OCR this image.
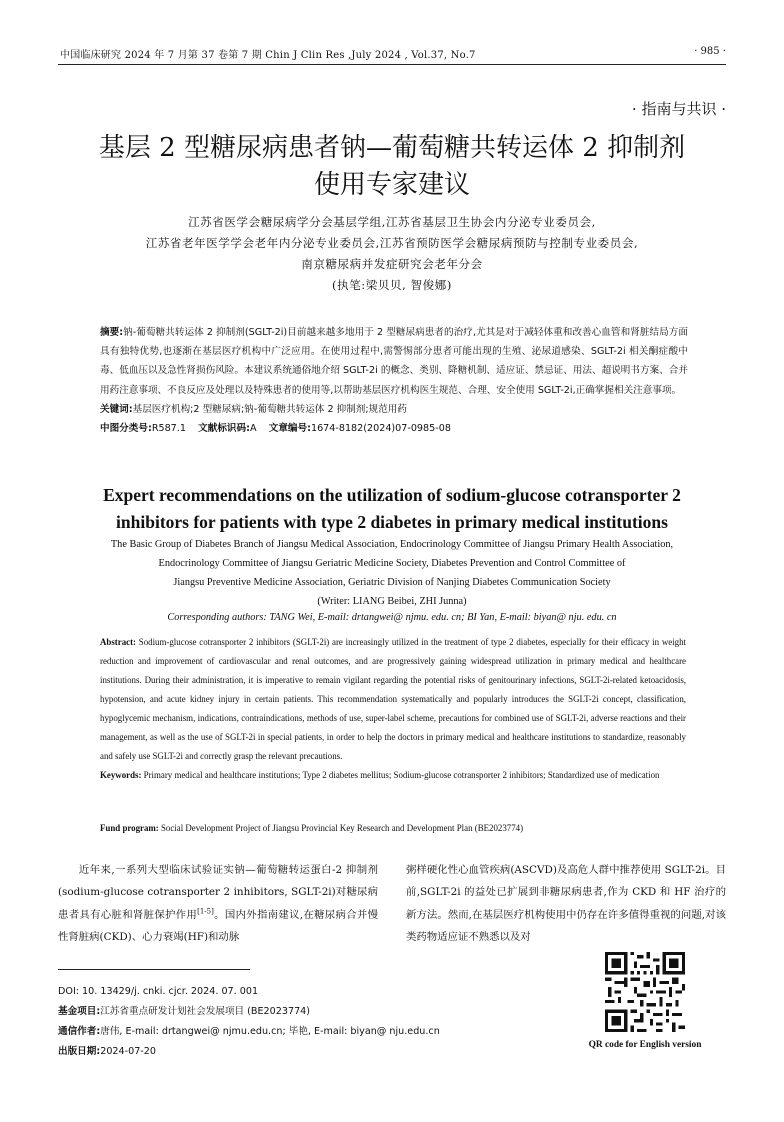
中国临床研究 2024 年 7 月第 37 卷第 7 期 Chin J Clin Res ,July 2024 , Vol.37, No.7	· 985 ·
· 指南与共识 ·
基层 2 型糖尿病患者钠—葡萄糖共转运体 2 抑制剂
使用专家建议
江苏省医学会糖尿病学分会基层学组,江苏省基层卫生协会内分泌专业委员会,
江苏省老年医学学会老年内分泌专业委员会,江苏省预防医学会糖尿病预防与控制专业委员会,
南京糖尿病并发症研究会老年分会
(执笔:梁贝贝, 智俊娜)
摘要:钠-葡萄糖共转运体 2 抑制剂(SGLT-2i)目前越来越多地用于 2 型糖尿病患者的治疗,尤其是对于减轻体重和改善心血管和肾脏结局方面具有独特优势,也逐渐在基层医疗机构中广泛应用。在使用过程中,需警惕部分患者可能出现的生殖、泌尿道感染、SGLT-2i 相关酮症酸中毒、低血压以及急性肾损伤风险。本建议系统通俗地介绍 SGLT-2i 的概念、类别、降糖机制、适应证、禁忌证、用法、超说明书方案、合并用药注意事项、不良反应及处理以及特殊患者的使用等,以帮助基层医疗机构医生规范、合理、安全使用 SGLT-2i,正确掌握相关注意事项。
关键词:基层医疗机构;2 型糖尿病;钠-葡萄糖共转运体 2 抑制剂;规范用药
中图分类号:R587.1 文献标识码:A 文章编号:1674-8182(2024)07-0985-08
Expert recommendations on the utilization of sodium-glucose cotransporter 2
inhibitors for patients with type 2 diabetes in primary medical institutions
The Basic Group of Diabetes Branch of Jiangsu Medical Association, Endocrinology Committee of Jiangsu Primary Health Association,
Endocrinology Committee of Jiangsu Geriatric Medicine Society, Diabetes Prevention and Control Committee of
Jiangsu Preventive Medicine Association, Geriatric Division of Nanjing Diabetes Communication Society
(Writer: LIANG Beibei, ZHI Junna)
Corresponding authors: TANG Wei, E-mail: drtangwei@ njmu. edu. cn; BI Yan, E-mail: biyan@ nju. edu. cn
Abstract: Sodium-glucose cotransporter 2 inhibitors (SGLT-2i) are increasingly utilized in the treatment of type 2 diabetes, especially for their efficacy in weight reduction and improvement of cardiovascular and renal outcomes, and are progressively gaining widespread utilization in primary medical and healthcare institutions. During their administration, it is imperative to remain vigilant regarding the potential risks of genitourinary infections, SGLT-2i-related ketoacidosis, hypotension, and acute kidney injury in certain patients. This recommendation systematically and popularly introduces the SGLT-2i concept, classification, hypoglycemic mechanism, indications, contraindications, methods of use, super-label scheme, precautions for combined use of SGLT-2i, adverse reactions and their management, as well as the use of SGLT-2i in special patients, in order to help the doctors in primary medical and healthcare institutions to standardize, reasonably and safely use SGLT-2i and correctly grasp the relevant precautions.
Keywords: Primary medical and healthcare institutions; Type 2 diabetes mellitus; Sodium-glucose cotransporter 2 inhibitors; Standardized use of medication
Fund program: Social Development Project of Jiangsu Provincial Key Research and Development Plan (BE2023774)

近年来,一系列大型临床试验证实钠—葡萄糖转运蛋白-2 抑制剂(sodium-glucose cotransporter 2 inhibitors, SGLT-2i)对糖尿病患者具有心脏和肾脏保护作用[1-5]。国内外指南建议,在糖尿病合并慢性肾脏病(CKD)、心力衰竭(HF)和动脉

粥样硬化性心血管疾病(ASCVD)及高危人群中推荐使用 SGLT-2i。目前,SGLT-2i 的益处已扩展到非糖尿病患者,作为 CKD 和 HF 治疗的新方法。然而,在基层医疗机构使用中仍存在许多值得重视的问题,对该类药物适应证不熟悉以及对

DOI: 10. 13429/j. cnki. cjcr. 2024. 07. 001
基金项目:江苏省重点研发计划社会发展项目 (BE2023774)
通信作者:唐伟, E-mail: drtangwei@ njmu.edu.cn; 毕艳, E-mail: biyan@ nju.edu.cn
出版日期:2024-07-20
QR code for English version
